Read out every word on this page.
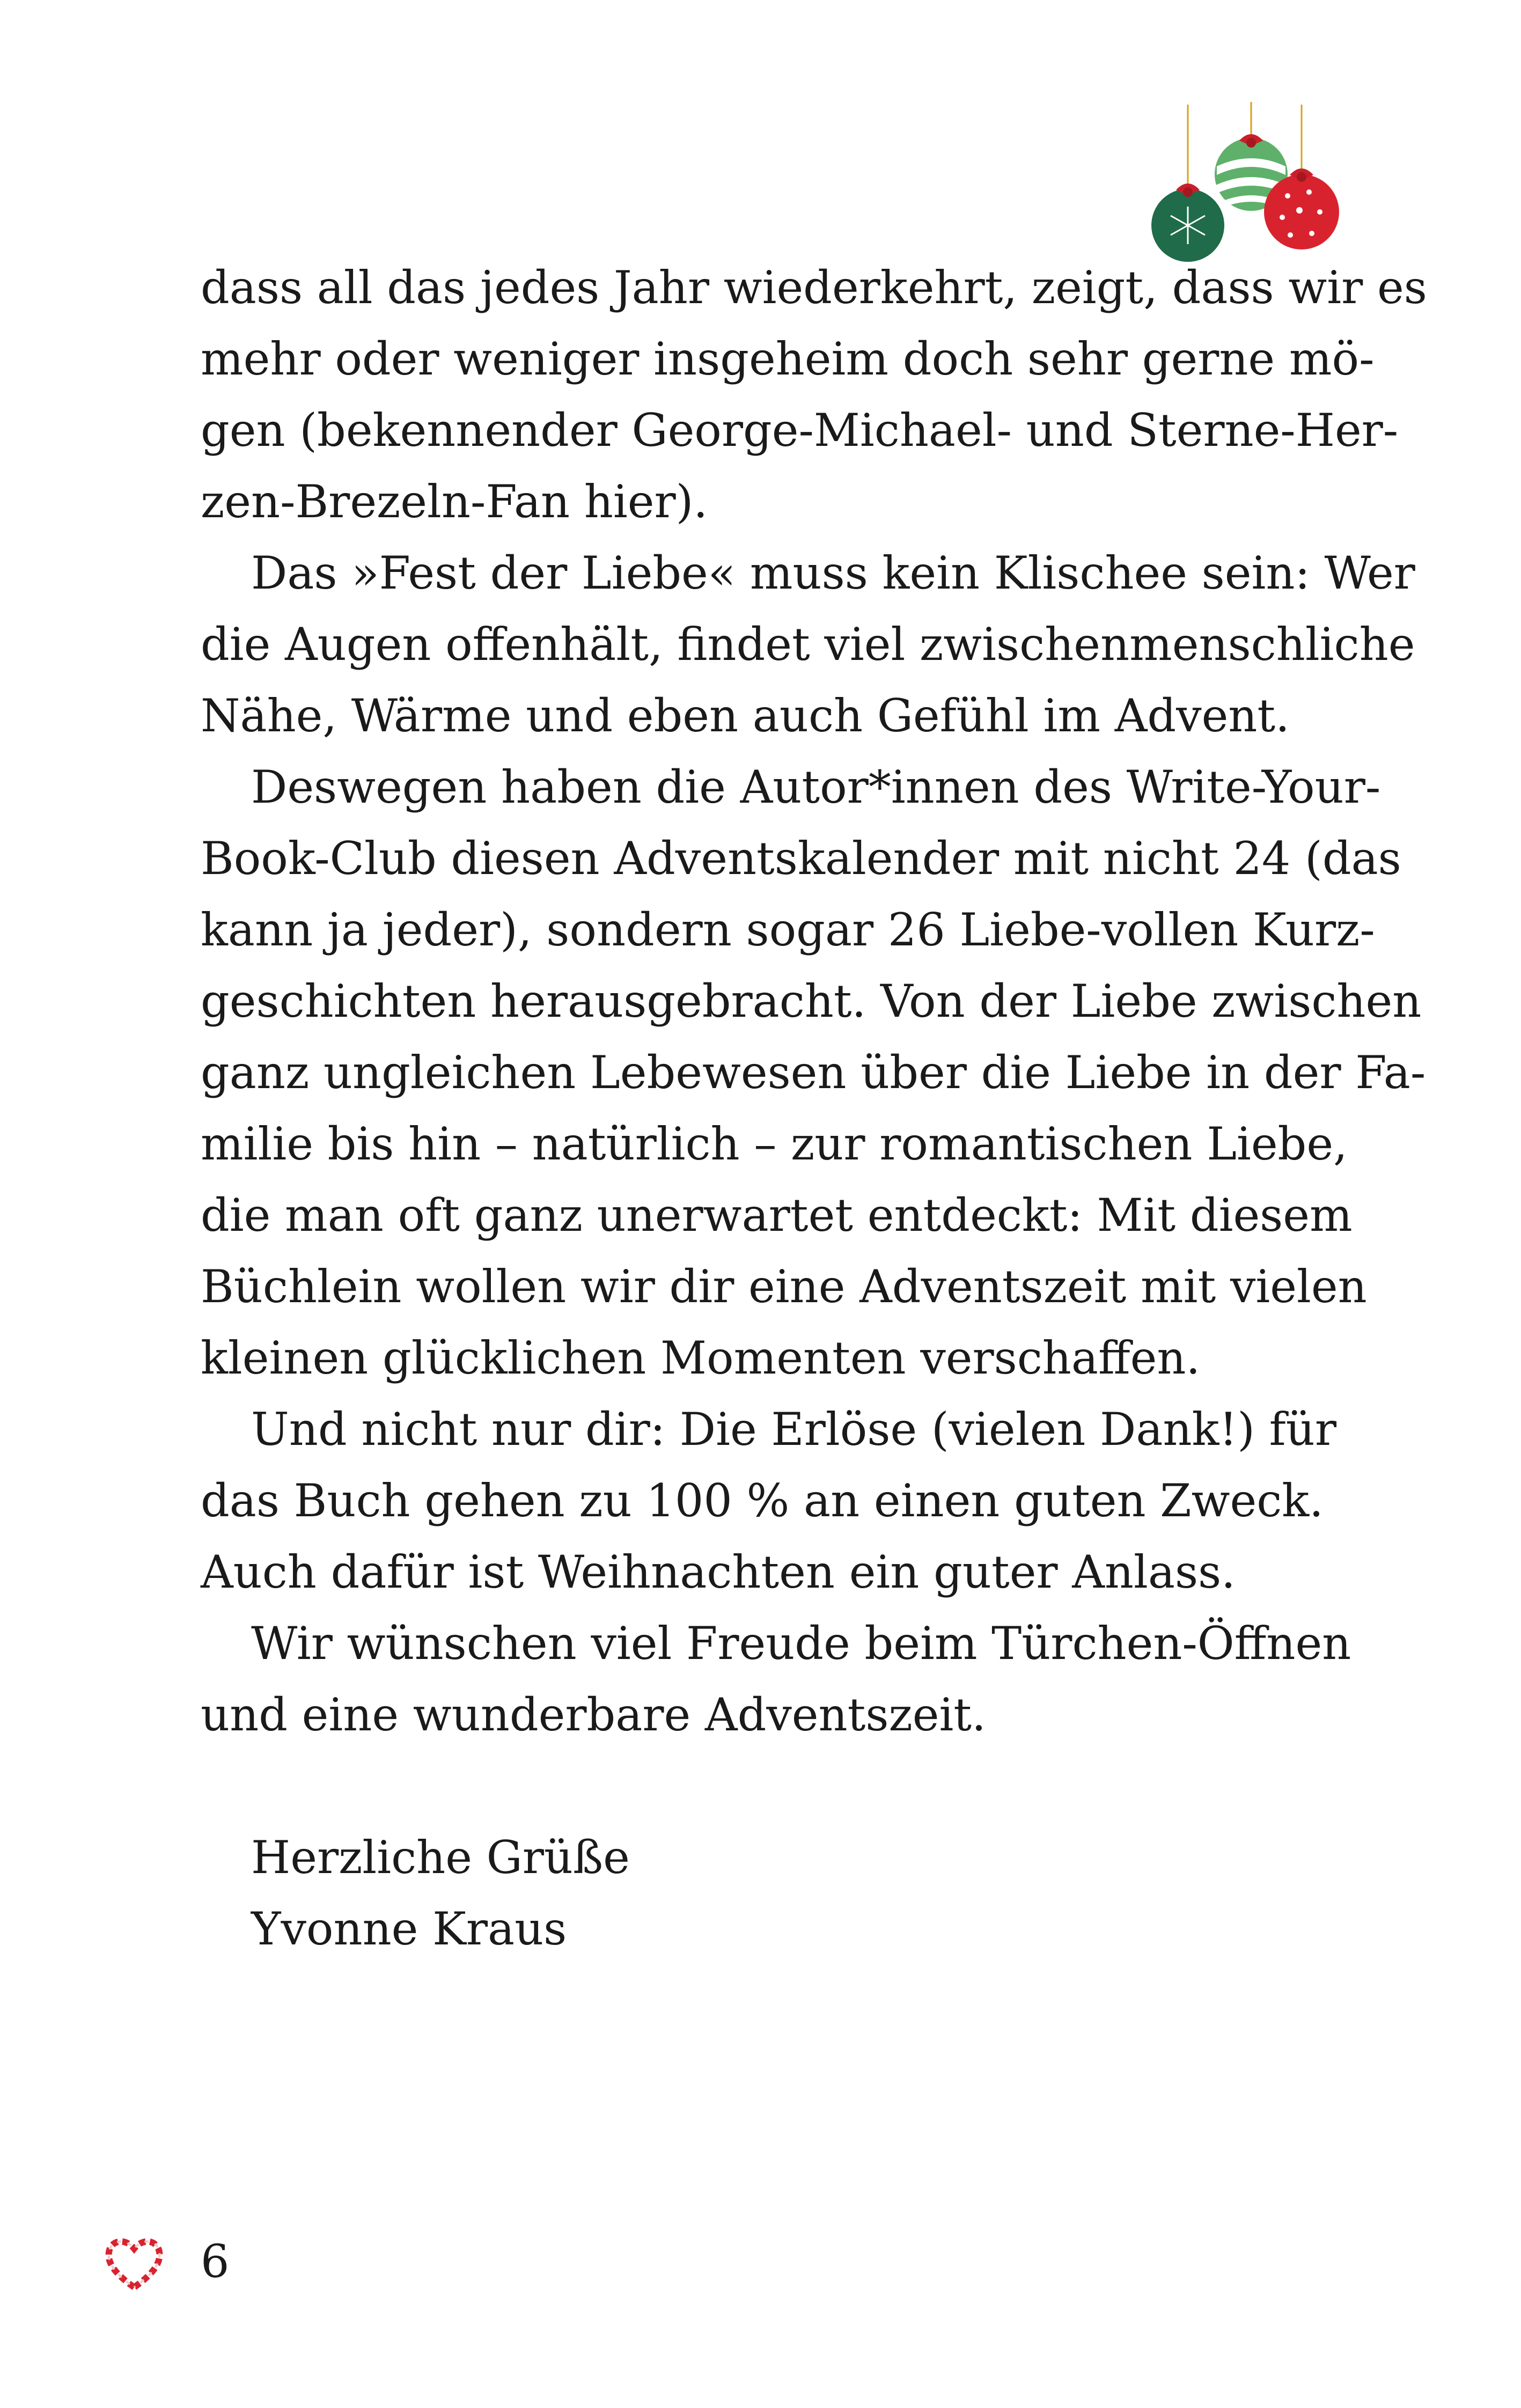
dass all das jedes Jahr wiederkehrt, zeigt, dass wir es
mehr oder weniger insgeheim doch sehr gerne mö-
gen (bekennender George-Michael- und Sterne-Her-
zen-Brezeln-Fan hier).
Das »Fest der Liebe« muss kein Klischee sein: Wer
die Augen offenhält, findet viel zwischenmenschliche
Nähe, Wärme und eben auch Gefühl im Advent.
Deswegen haben die Autor*innen des Write-Your-
Book-Club diesen Adventskalender mit nicht 24 (das
kann ja jeder), sondern sogar 26 Liebe-vollen Kurz-
geschichten herausgebracht. Von der Liebe zwischen
ganz ungleichen Lebewesen über die Liebe in der Fa-
milie bis hin – natürlich – zur romantischen Liebe,
die man oft ganz unerwartet entdeckt: Mit diesem
Büchlein wollen wir dir eine Adventszeit mit vielen
kleinen glücklichen Momenten verschaffen.
Und nicht nur dir: Die Erlöse (vielen Dank!) für
das Buch gehen zu 100 % an einen guten Zweck.
Auch dafür ist Weihnachten ein guter Anlass.
Wir wünschen viel Freude beim Türchen-Öffnen
und eine wunderbare Adventszeit.
Herzliche Grüße
Yvonne Kraus
6
